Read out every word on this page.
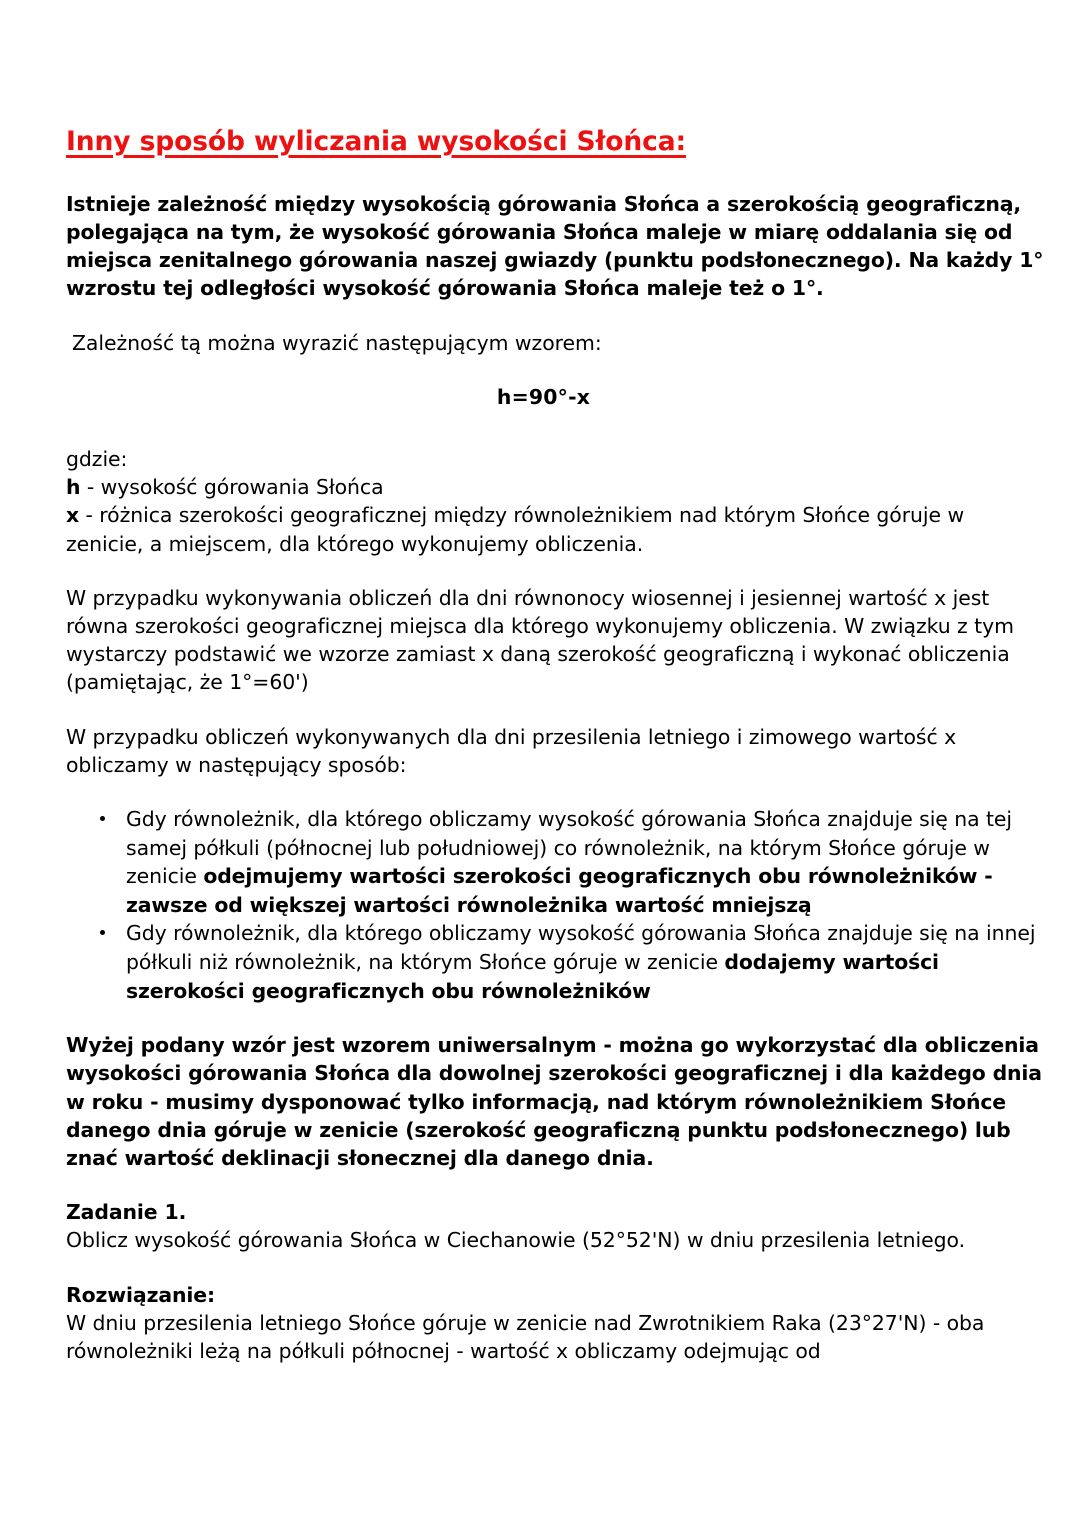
Inny sposób wyliczania wysokości Słońca:

Istnieje zależność między wysokością górowania Słońca a szerokością geograficzną, polegająca na tym, że wysokość górowania Słońca maleje w miarę oddalania się od miejsca zenitalnego górowania naszej gwiazdy (punktu podsłonecznego). Na każdy 1° wzrostu tej odległości wysokość górowania Słońca maleje też o 1°.

Zależność tą można wyrazić następującym wzorem:

h=90°-x

gdzie:

h - wysokość górowania Słońca

x - różnica szerokości geograficznej między równoleżnikiem nad którym Słońce góruje w zenicie, a miejscem, dla którego wykonujemy obliczenia.

W przypadku wykonywania obliczeń dla dni równonocy wiosennej i jesiennej wartość x jest równa szerokości geograficznej miejsca dla którego wykonujemy obliczenia. W związku z tym wystarczy podstawić we wzorze zamiast x daną szerokość geograficzną i wykonać obliczenia (pamiętając, że 1°=60')

W przypadku obliczeń wykonywanych dla dni przesilenia letniego i zimowego wartość x obliczamy w następujący sposób:

Gdy równoleżnik, dla którego obliczamy wysokość górowania Słońca znajduje się na tej samej półkuli (północnej lub południowej) co równoleżnik, na którym Słońce góruje w zenicie odejmujemy wartości szerokości geograficznych obu równoleżników - zawsze od większej wartości równoleżnika wartość mniejszą
Gdy równoleżnik, dla którego obliczamy wysokość górowania Słońca znajduje się na innej półkuli niż równoleżnik, na którym Słońce góruje w zenicie dodajemy wartości szerokości geograficznych obu równoleżników

Wyżej podany wzór jest wzorem uniwersalnym - można go wykorzystać dla obliczenia wysokości górowania Słońca dla dowolnej szerokości geograficznej i dla każdego dnia w roku - musimy dysponować tylko informacją, nad którym równoleżnikiem Słońce danego dnia góruje w zenicie (szerokość geograficzną punktu podsłonecznego) lub znać wartość deklinacji słonecznej dla danego dnia.

Zadanie 1.

Oblicz wysokość górowania Słońca w Ciechanowie (52°52'N) w dniu przesilenia letniego.

Rozwiązanie:

W dniu przesilenia letniego Słońce góruje w zenicie nad Zwrotnikiem Raka (23°27'N) - oba równoleżniki leżą na półkuli północnej - wartość x obliczamy odejmując od
